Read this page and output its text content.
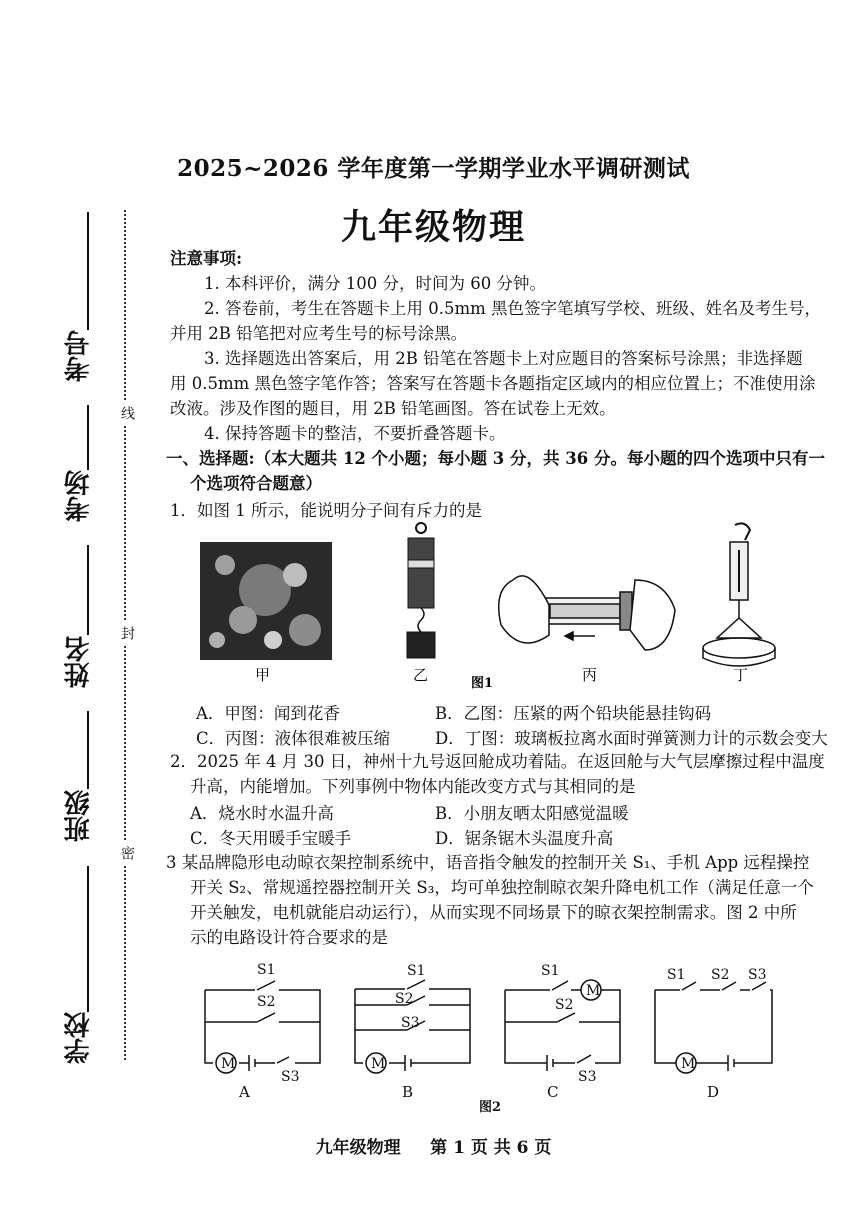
2025~2026 学年度第一学期学业水平调研测试
九年级物理
考号
考场
姓名
班级
学校
线
封
密
注意事项:
1. 本科评价，满分 100 分，时间为 60 分钟。
2. 答卷前，考生在答题卡上用 0.5mm 黑色签字笔填写学校、班级、姓名及考生号，
并用 2B 铅笔把对应考生号的标号涂黑。
3. 选择题选出答案后，用 2B 铅笔在答题卡上对应题目的答案标号涂黑；非选择题
用 0.5mm 黑色签字笔作答；答案写在答题卡各题指定区域内的相应位置上；不准使用涂
改液。涉及作图的题目，用 2B 铅笔画图。答在试卷上无效。
4. 保持答题卡的整洁，不要折叠答题卡。
一、选择题:（本大题共 12 个小题；每小题 3 分，共 36 分。每小题的四个选项中只有一
个选项符合题意）
1．如图 1 所示，能说明分子间有斥力的是
甲	乙	丙	丁
图1
A．甲图：闻到花香	B．乙图：压紧的两个铅块能悬挂钩码
C．丙图：液体很难被压缩	D．丁图：玻璃板拉离水面时弹簧测力计的示数会变大
2．2025 年 4 月 30 日，神州十九号返回舱成功着陆。在返回舱与大气层摩擦过程中温度
升高，内能增加。下列事例中物体内能改变方式与其相同的是
A．烧水时水温升高	B．小朋友晒太阳感觉温暖
C．冬天用暖手宝暖手	D．锯条锯木头温度升高
3 某品牌隐形电动晾衣架控制系统中，语音指令触发的控制开关 S₁、手机 App 远程操控
开关 S₂、常规遥控器控制开关 S₃，均可单独控制晾衣架升降电机工作（满足任意一个
开关触发，电机就能启动运行），从而实现不同场景下的晾衣架控制需求。图 2 中所
示的电路设计符合要求的是
M	M
M
M
S1
S2
S3
S1
S2
S3
S1
S2
S3
S1 S2 S3
A	B	C	D
图2
九年级物理 第 1 页 共 6 页
